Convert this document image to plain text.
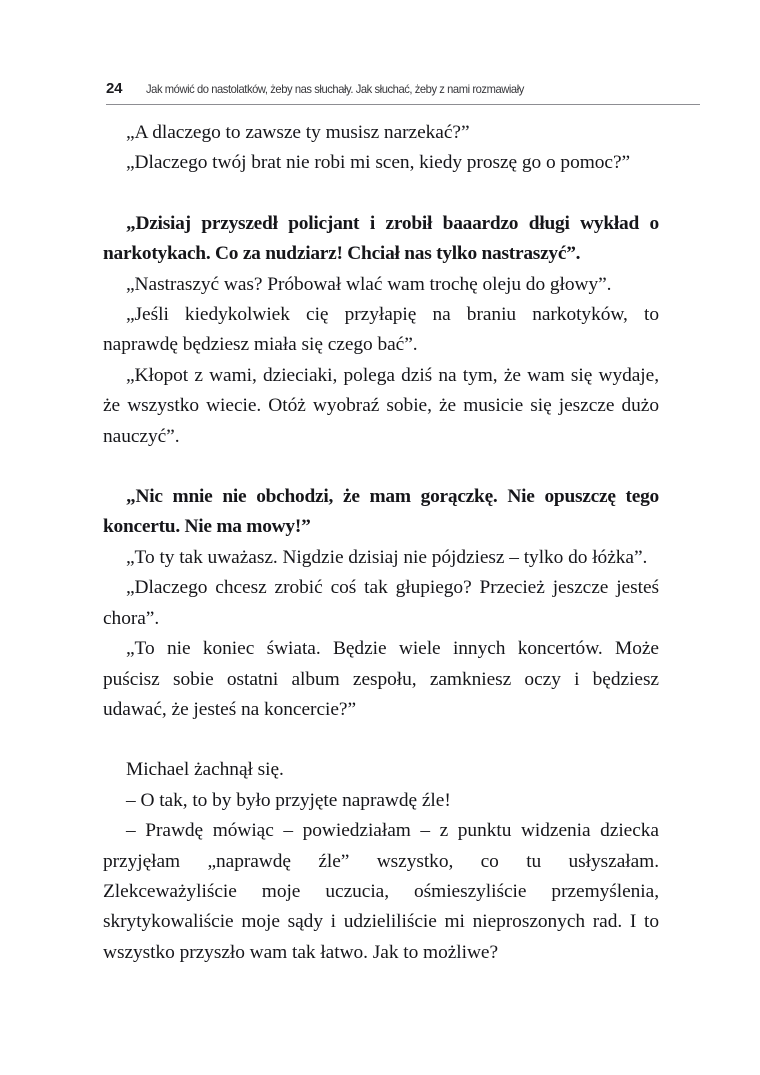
24	Jak mówić do nastolatków, żeby nas słuchały. Jak słuchać, żeby z nami rozmawiały

„A dlaczego to zawsze ty musisz narzekać?”

„Dlaczego twój brat nie robi mi scen, kiedy proszę go o pomoc?”

„Dzisiaj przyszedł policjant i zrobił baaardzo długi wykład o narkotykach. Co za nudziarz! Chciał nas tylko nastraszyć”.

„Nastraszyć was? Próbował wlać wam trochę oleju do głowy”.

„Jeśli kiedykolwiek cię przyłapię na braniu narkotyków, to naprawdę będziesz miała się czego bać”.

„Kłopot z wami, dzieciaki, polega dziś na tym, że wam się wydaje, że wszystko wiecie. Otóż wyobraź sobie, że musicie się jeszcze dużo nauczyć”.

„Nic mnie nie obchodzi, że mam gorączkę. Nie opuszczę tego koncertu. Nie ma mowy!”

„To ty tak uważasz. Nigdzie dzisiaj nie pójdziesz – tylko do łóżka”.

„Dlaczego chcesz zrobić coś tak głupiego? Przecież jeszcze jesteś chora”.

„To nie koniec świata. Będzie wiele innych koncertów. Może puścisz sobie ostatni album zespołu, zamkniesz oczy i będziesz udawać, że jesteś na koncercie?”

Michael żachnął się.

– O tak, to by było przyjęte naprawdę źle!

– Prawdę mówiąc – powiedziałam – z punktu widzenia dziecka przyjęłam „naprawdę źle” wszystko, co tu usłyszałam. Zlekceważyliście moje uczucia, ośmieszyliście przemyślenia, skrytykowaliście moje sądy i udzieliliście mi nieproszonych rad. I to wszystko przyszło wam tak łatwo. Jak to możliwe?
